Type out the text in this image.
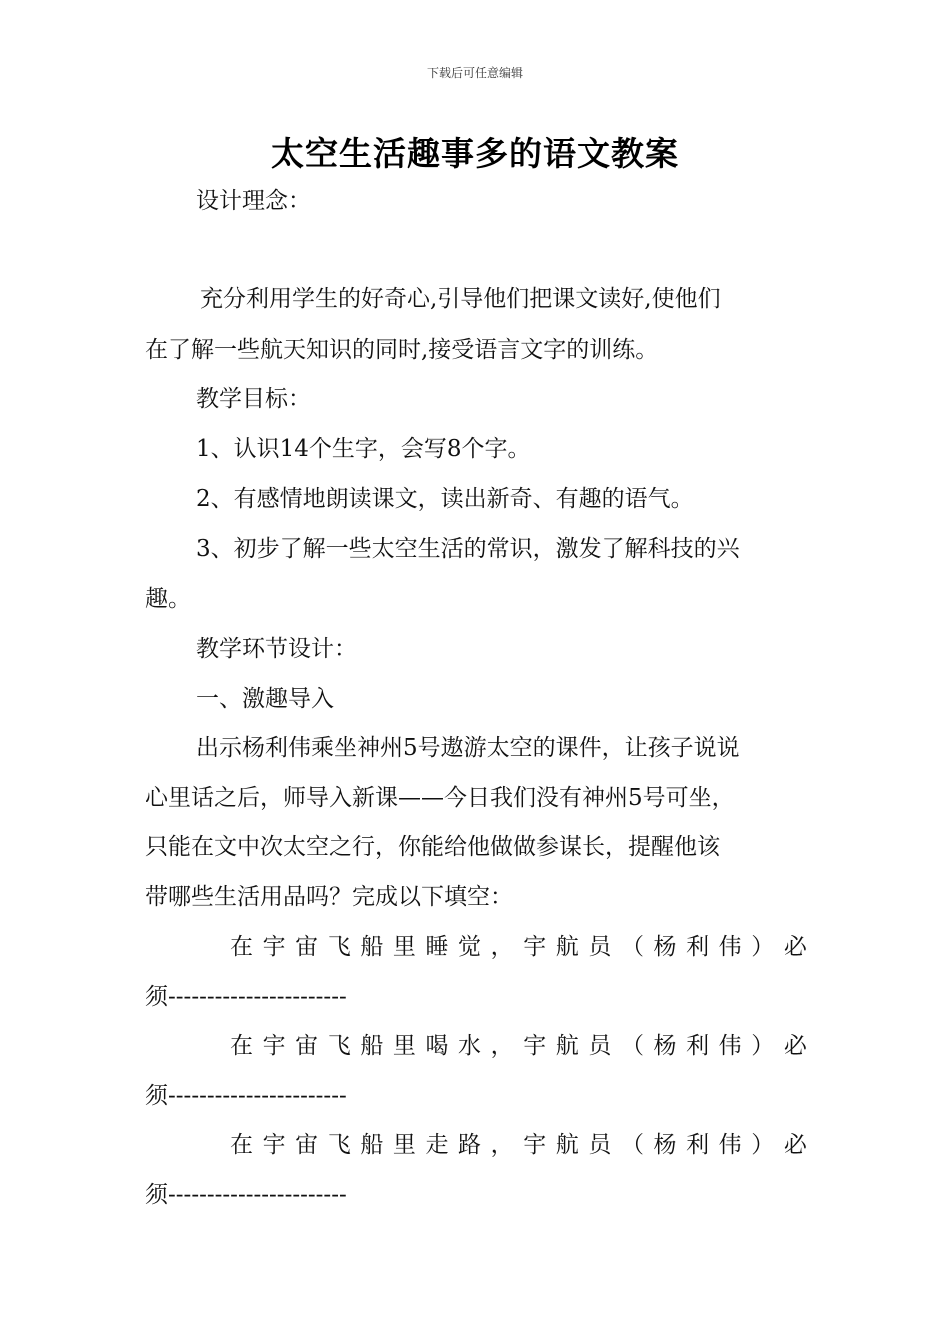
下载后可任意编辑
太空生活趣事多的语文教案
设计理念：
充分利用学生的好奇心,引导他们把课文读好,使他们
在了解一些航天知识的同时,接受语言文字的训练。
教学目标：
1、认识14个生字，会写8个字。
2、有感情地朗读课文，读出新奇、有趣的语气。
3、初步了解一些太空生活的常识，激发了解科技的兴
趣。
教学环节设计：
一、激趣导入
出示杨利伟乘坐神州5号遨游太空的课件，让孩子说说
心里话之后，师导入新课——今日我们没有神州5号可坐，
只能在文中次太空之行，你能给他做做参谋长，提醒他该
带哪些生活用品吗？完成以下填空：
在 宇 宙 飞 船 里 睡 觉 ， 宇 航 员 （ 杨 利 伟 ） 必
须-----------------------
在 宇 宙 飞 船 里 喝 水 ， 宇 航 员 （ 杨 利 伟 ） 必
须-----------------------
在 宇 宙 飞 船 里 走 路 ， 宇 航 员 （ 杨 利 伟 ） 必
须-----------------------
